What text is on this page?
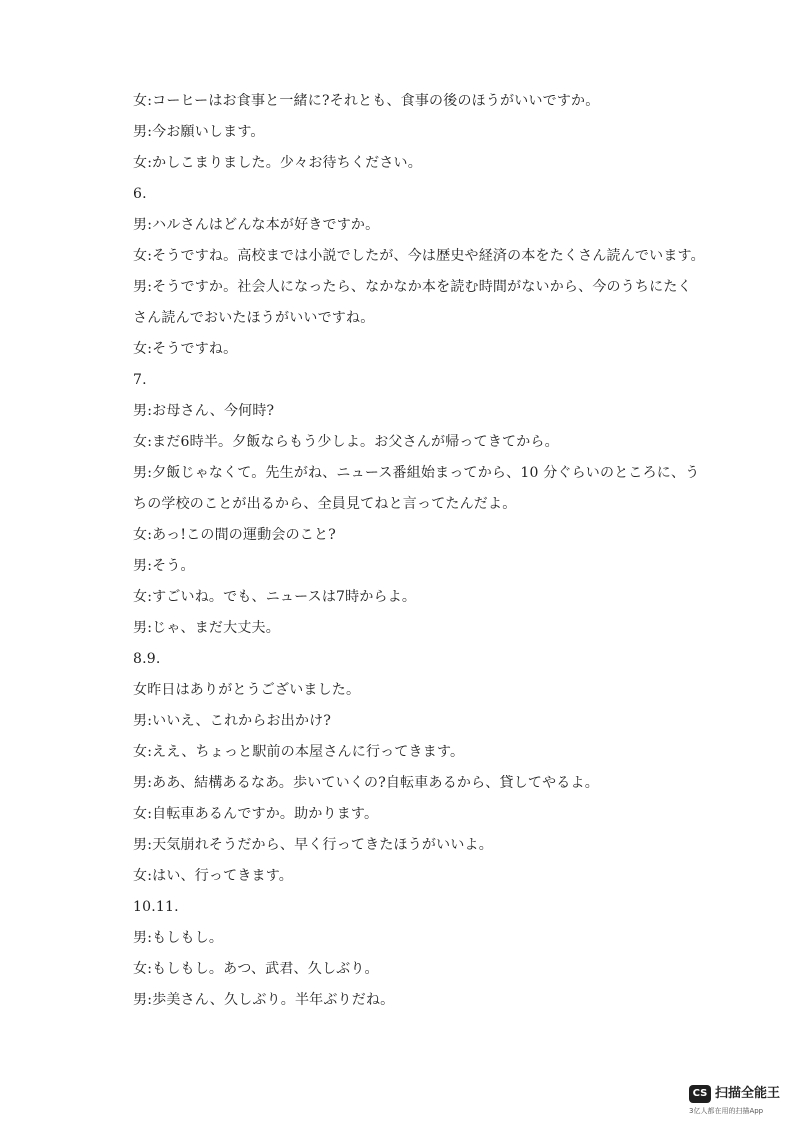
女:コーヒーはお食事と一緒に?それとも、食事の後のほうがいいですか。
男:今お願いします。
女:かしこまりました。少々お待ちください。
6.
男:ハルさんはどんな本が好きですか。
女:そうですね。高校までは小説でしたが、今は歴史や経済の本をたくさん読んでいます。
男:そうですか。社会人になったら、なかなか本を読む時間がないから、今のうちにたく
さん読んでおいたほうがいいですね。
女:そうですね。
7.
男:お母さん、今何時?
女:まだ6時半。夕飯ならもう少しよ。お父さんが帰ってきてから。
男:夕飯じゃなくて。先生がね、ニュース番組始まってから、10 分ぐらいのところに、う
ちの学校のことが出るから、全員見てねと言ってたんだよ。
女:あっ!この間の運動会のこと?
男:そう。
女:すごいね。でも、ニュースは7時からよ。
男:じゃ、まだ大丈夫。
8.9.
女昨日はありがとうございました。
男:いいえ、これからお出かけ?
女:ええ、ちょっと駅前の本屋さんに行ってきます。
男:ああ、結構あるなあ。歩いていくの?自転車あるから、貸してやるよ。
女:自転車あるんですか。助かります。
男:天気崩れそうだから、早く行ってきたほうがいいよ。
女:はい、行ってきます。
10.11.
男:もしもし。
女:もしもし。あつ、武君、久しぶり。
男:歩美さん、久しぶり。半年ぶりだね。
CS 扫描全能王
3亿人都在用的扫描App
